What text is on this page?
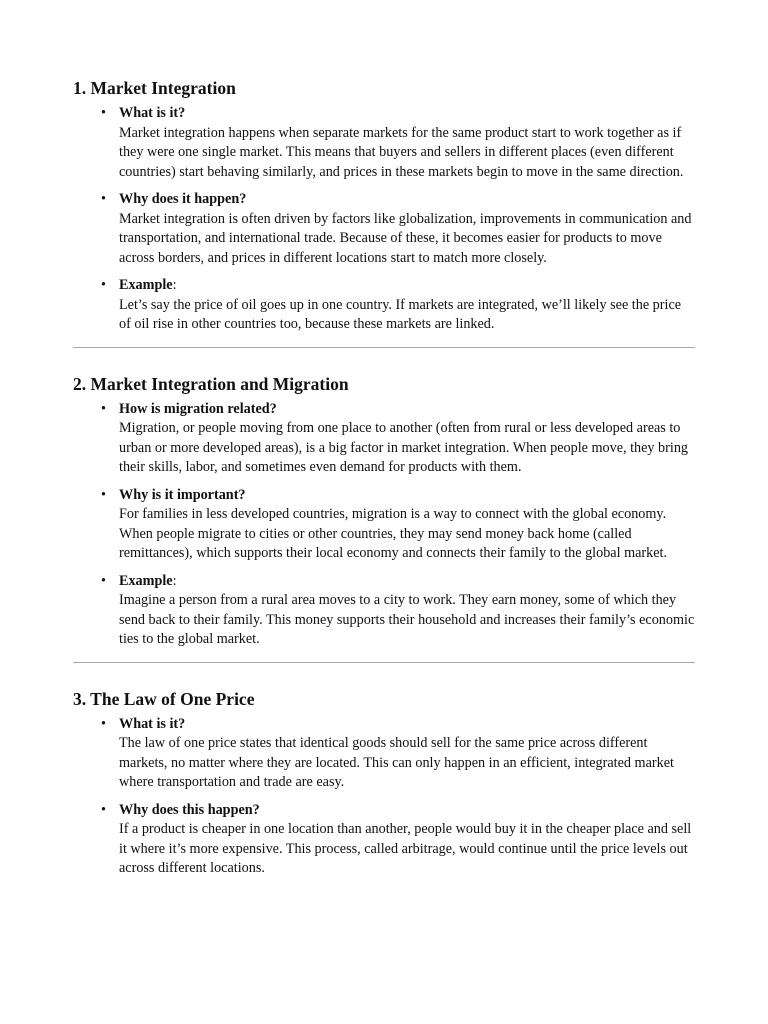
1. Market Integration
• What is it?
Market integration happens when separate markets for the same product start to work together as if they were one single market. This means that buyers and sellers in different places (even different countries) start behaving similarly, and prices in these markets begin to move in the same direction.
• Why does it happen?
Market integration is often driven by factors like globalization, improvements in communication and transportation, and international trade. Because of these, it becomes easier for products to move across borders, and prices in different locations start to match more closely.
• Example:
Let’s say the price of oil goes up in one country. If markets are integrated, we’ll likely see the price of oil rise in other countries too, because these markets are linked.
2. Market Integration and Migration
• How is migration related?
Migration, or people moving from one place to another (often from rural or less developed areas to urban or more developed areas), is a big factor in market integration. When people move, they bring their skills, labor, and sometimes even demand for products with them.
• Why is it important?
For families in less developed countries, migration is a way to connect with the global economy. When people migrate to cities or other countries, they may send money back home (called remittances), which supports their local economy and connects their family to the global market.
• Example:
Imagine a person from a rural area moves to a city to work. They earn money, some of which they send back to their family. This money supports their household and increases their family’s economic ties to the global market.
3. The Law of One Price
• What is it?
The law of one price states that identical goods should sell for the same price across different markets, no matter where they are located. This can only happen in an efficient, integrated market where transportation and trade are easy.
• Why does this happen?
If a product is cheaper in one location than another, people would buy it in the cheaper place and sell it where it’s more expensive. This process, called arbitrage, would continue until the price levels out across different locations.
